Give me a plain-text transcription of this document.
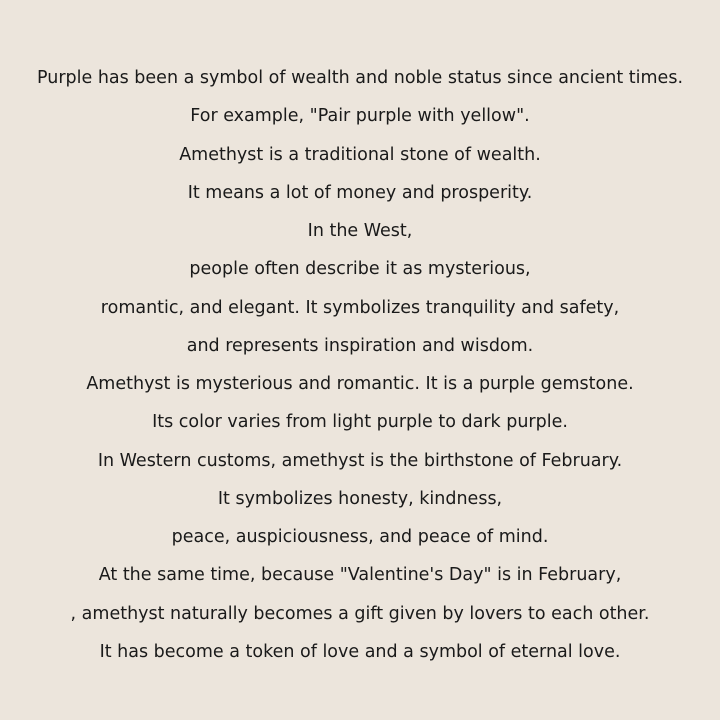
Purple has been a symbol of wealth and noble status since ancient times.
For example, "Pair purple with yellow".
Amethyst is a traditional stone of wealth.
It means a lot of money and prosperity.
In the West,
people often describe it as mysterious,
romantic, and elegant. It symbolizes tranquility and safety,
and represents inspiration and wisdom.
Amethyst is mysterious and romantic. It is a purple gemstone.
Its color varies from light purple to dark purple.
In Western customs, amethyst is the birthstone of February.
It symbolizes honesty, kindness,
peace, auspiciousness, and peace of mind.
At the same time, because "Valentine's Day" is in February,
, amethyst naturally becomes a gift given by lovers to each other.
It has become a token of love and a symbol of eternal love.
